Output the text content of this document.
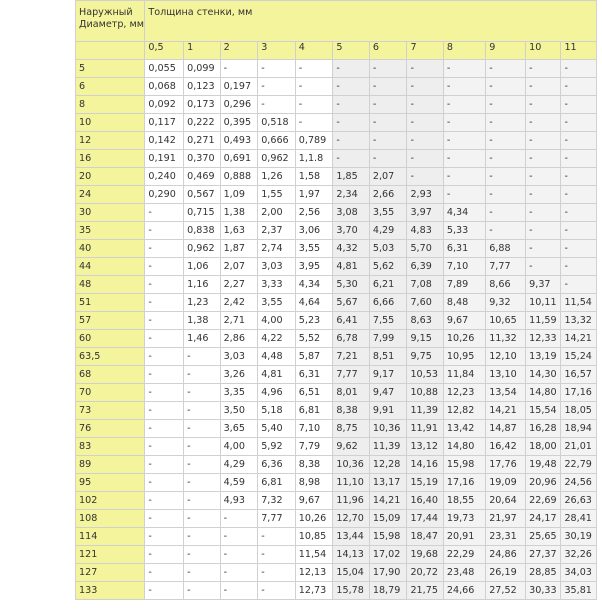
Наружный Диаметр, мм	Толщина стенки, мм											
	0,5	1	2	3	4	5	6	7	8	9	10	11
5	0,055	0,099	-	-	-	-	-	-	-	-	-	-
6	0,068	0,123	0,197	-	-	-	-	-	-	-	-	-
8	0,092	0,173	0,296	-	-	-	-	-	-	-	-	-
10	0,117	0,222	0,395	0,518	-	-	-	-	-	-	-	-
12	0,142	0,271	0,493	0,666	0,789	-	-	-	-	-	-	-
16	0,191	0,370	0,691	0,962	1,1.8	-	-	-	-	-	-	-
20	0,240	0,469	0,888	1,26	1,58	1,85	2,07	-	-	-	-	-
24	0,290	0,567	1,09	1,55	1,97	2,34	2,66	2,93	-	-	-	-
30	-	0,715	1,38	2,00	2,56	3,08	3,55	3,97	4,34	-	-	-
35	-	0,838	1,63	2,37	3,06	3,70	4,29	4,83	5,33	-	-	-
40	-	0,962	1,87	2,74	3,55	4,32	5,03	5,70	6,31	6,88	-	-
44	-	1,06	2,07	3,03	3,95	4,81	5,62	6,39	7,10	7,77	-	-
48	-	1,16	2,27	3,33	4,34	5,30	6,21	7,08	7,89	8,66	9,37	-
51	-	1,23	2,42	3,55	4,64	5,67	6,66	7,60	8,48	9,32	10,11	11,54
57	-	1,38	2,71	4,00	5,23	6,41	7,55	8,63	9,67	10,65	11,59	13,32
60	-	1,46	2,86	4,22	5,52	6,78	7,99	9,15	10,26	11,32	12,33	14,21
63,5	-	-	3,03	4,48	5,87	7,21	8,51	9,75	10,95	12,10	13,19	15,24
68	-	-	3,26	4,81	6,31	7,77	9,17	10,53	11,84	13,10	14,30	16,57
70	-	-	3,35	4,96	6,51	8,01	9,47	10,88	12,23	13,54	14,80	17,16
73	-	-	3,50	5,18	6,81	8,38	9,91	11,39	12,82	14,21	15,54	18,05
76	-	-	3,65	5,40	7,10	8,75	10,36	11,91	13,42	14,87	16,28	18,94
83	-	-	4,00	5,92	7,79	9,62	11,39	13,12	14,80	16,42	18,00	21,01
89	-	-	4,29	6,36	8,38	10,36	12,28	14,16	15,98	17,76	19,48	22,79
95	-	-	4,59	6,81	8,98	11,10	13,17	15,19	17,16	19,09	20,96	24,56
102	-	-	4,93	7,32	9,67	11,96	14,21	16,40	18,55	20,64	22,69	26,63
108	-	-	-	7,77	10,26	12,70	15,09	17,44	19,73	21,97	24,17	28,41
114	-	-	-	-	10,85	13,44	15,98	18,47	20,91	23,31	25,65	30,19
121	-	-	-	-	11,54	14,13	17,02	19,68	22,29	24,86	27,37	32,26
127	-	-	-	-	12,13	15,04	17,90	20,72	23,48	26,19	28,85	34,03
133	-	-	-	-	12,73	15,78	18,79	21,75	24,66	27,52	30,33	35,81
